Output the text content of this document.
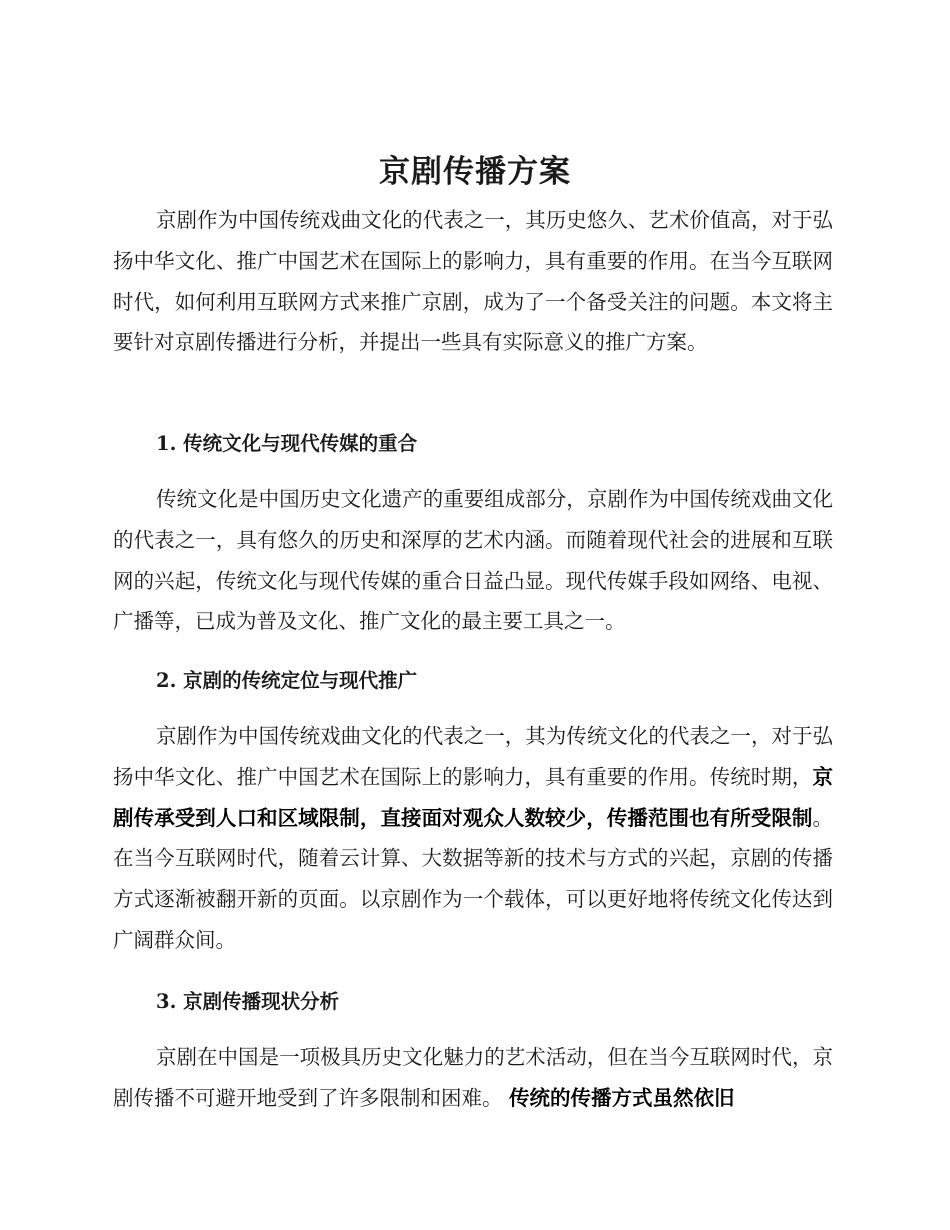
京剧传播方案

京剧作为中国传统戏曲文化的代表之一，其历史悠久、艺术价值高，对于弘扬中华文化、推广中国艺术在国际上的影响力，具有重要的作用。在当今互联网时代，如何利用互联网方式来推广京剧，成为了一个备受关注的问题。本文将主要针对京剧传播进行分析，并提出一些具有实际意义的推广方案。

1. 传统文化与现代传媒的重合

传统文化是中国历史文化遗产的重要组成部分，京剧作为中国传统戏曲文化的代表之一，具有悠久的历史和深厚的艺术内涵。而随着现代社会的进展和互联网的兴起，传统文化与现代传媒的重合日益凸显。现代传媒手段如网络、电视、广播等，已成为普及文化、推广文化的最主要工具之一。

2. 京剧的传统定位与现代推广

京剧作为中国传统戏曲文化的代表之一，其为传统文化的代表之一，对于弘扬中华文化、推广中国艺术在国际上的影响力，具有重要的作用。传统时期，京剧传承受到人口和区域限制，直接面对观众人数较少，传播范围也有所受限制。在当今互联网时代，随着云计算、大数据等新的技术与方式的兴起，京剧的传播方式逐渐被翻开新的页面。以京剧作为一个载体，可以更好地将传统文化传达到广阔群众间。

3. 京剧传播现状分析

京剧在中国是一项极具历史文化魅力的艺术活动，但在当今互联网时代，京剧传播不可避开地受到了许多限制和困难。 传统的传播方式虽然依旧
